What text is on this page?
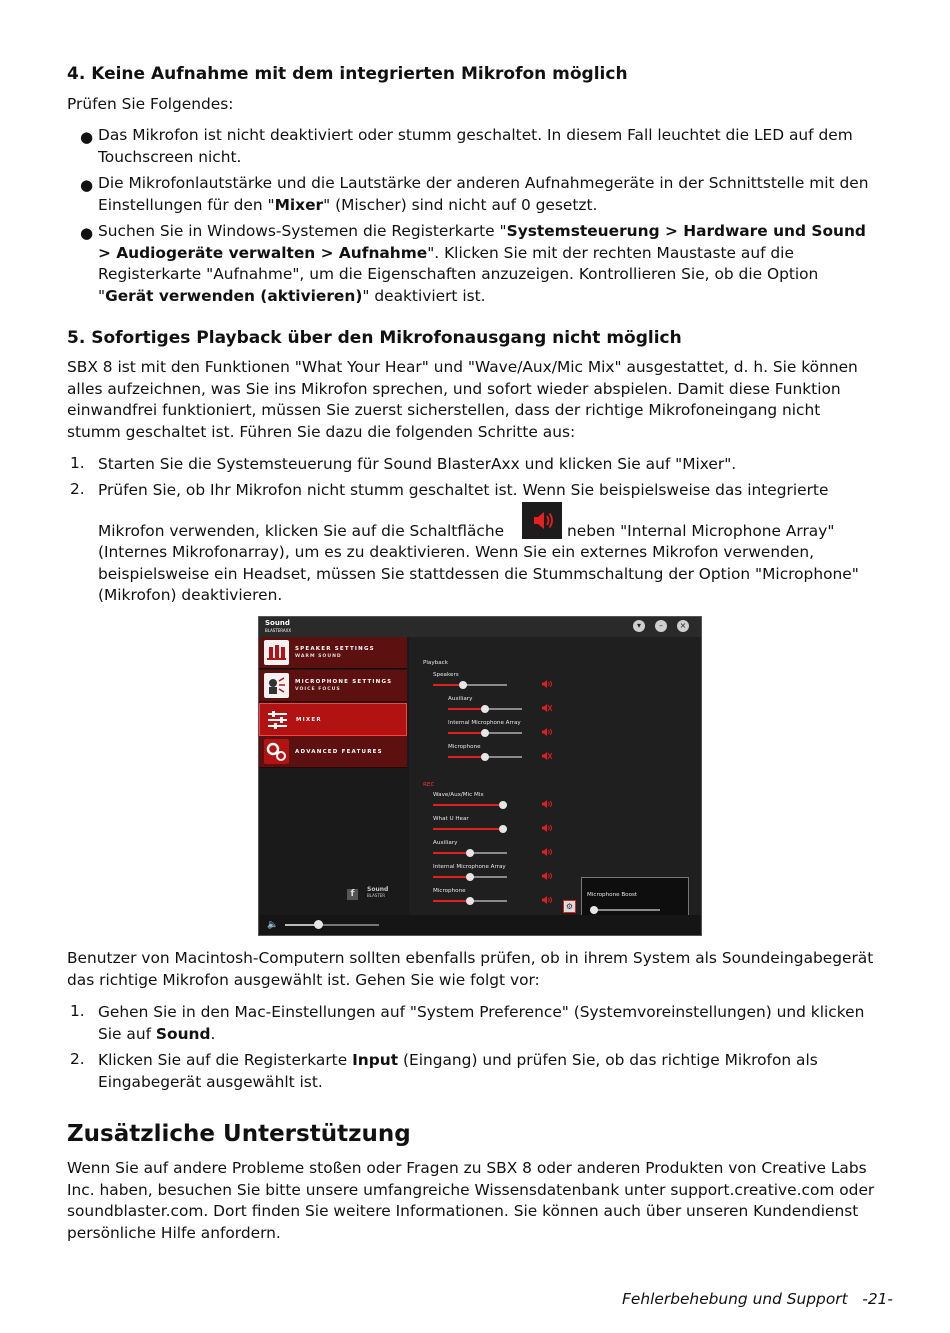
4. Keine Aufnahme mit dem integrierten Mikrofon möglich
Prüfen Sie Folgendes:
● Das Mikrofon ist nicht deaktiviert oder stumm geschaltet. In diesem Fall leuchtet die LED auf dem
Touchscreen nicht.
● Die Mikrofonlautstärke und die Lautstärke der anderen Aufnahmegeräte in der Schnittstelle mit den
Einstellungen für den "Mixer" (Mischer) sind nicht auf 0 gesetzt.
● Suchen Sie in Windows-Systemen die Registerkarte "Systemsteuerung > Hardware und Sound
> Audiogeräte verwalten > Aufnahme". Klicken Sie mit der rechten Maustaste auf die
Registerkarte "Aufnahme", um die Eigenschaften anzuzeigen. Kontrollieren Sie, ob die Option
"Gerät verwenden (aktivieren)" deaktiviert ist.
5. Sofortiges Playback über den Mikrofonausgang nicht möglich
SBX 8 ist mit den Funktionen "What Your Hear" und "Wave/Aux/Mic Mix" ausgestattet, d. h. Sie können
alles aufzeichnen, was Sie ins Mikrofon sprechen, und sofort wieder abspielen. Damit diese Funktion
einwandfrei funktioniert, müssen Sie zuerst sicherstellen, dass der richtige Mikrofoneingang nicht
stumm geschaltet ist. Führen Sie dazu die folgenden Schritte aus:
1. Starten Sie die Systemsteuerung für Sound BlasterAxx und klicken Sie auf "Mixer".
2. Prüfen Sie, ob Ihr Mikrofon nicht stumm geschaltet ist. Wenn Sie beispielsweise das integrierte
Mikrofon verwenden, klicken Sie auf die Schaltfläche	neben "Internal Microphone Array"
(Internes Mikrofonarray), um es zu deaktivieren. Wenn Sie ein externes Mikrofon verwenden,
beispielsweise ein Headset, müssen Sie stattdessen die Stummschaltung der Option "Microphone"
(Mikrofon) deaktivieren.
Sound
BLASTERAXX
▾	–	×
SPEAKER SETTINGS
WARM SOUND
MICROPHONE SETTINGS
VOICE FOCUS
MIXER
ADVANCED FEATURES
f	Sound
BLASTER
Playback
Speakers
Auxiliary
Internal Microphone Array
Microphone
REC
Wave/Aux/Mic Mix
What U Hear
Auxiliary
Internal Microphone Array
Microphone
⚙
Microphone Boost
🔈
Benutzer von Macintosh-Computern sollten ebenfalls prüfen, ob in ihrem System als Soundeingabegerät
das richtige Mikrofon ausgewählt ist. Gehen Sie wie folgt vor:
1. Gehen Sie in den Mac-Einstellungen auf "System Preference" (Systemvoreinstellungen) und klicken
Sie auf Sound.
2. Klicken Sie auf die Registerkarte Input (Eingang) und prüfen Sie, ob das richtige Mikrofon als
Eingabegerät ausgewählt ist.
Zusätzliche Unterstützung
Wenn Sie auf andere Probleme stoßen oder Fragen zu SBX 8 oder anderen Produkten von Creative Labs
Inc. haben, besuchen Sie bitte unsere umfangreiche Wissensdatenbank unter support.creative.com oder
soundblaster.com. Dort finden Sie weitere Informationen. Sie können auch über unseren Kundendienst
persönliche Hilfe anfordern.
Fehlerbehebung und Support -21-
